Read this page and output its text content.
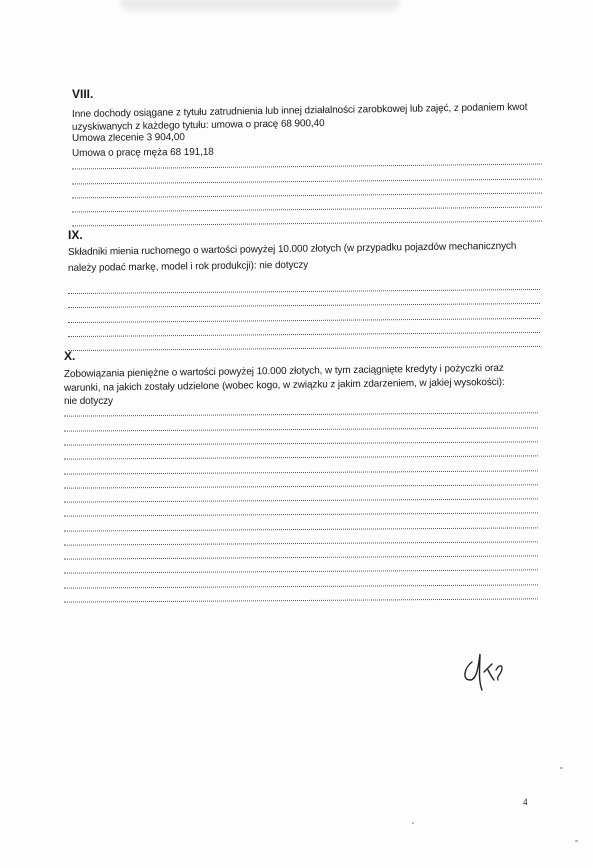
VIII.
Inne dochody osiągane z tytułu zatrudnienia lub innej działalności zarobkowej lub zajęć, z podaniem kwot
uzyskiwanych z każdego tytułu: umowa o pracę 68 900,40
Umowa zlecenie 3 904,00
Umowa o pracę męża 68 191,18
IX.
Składniki mienia ruchomego o wartości powyżej 10.000 złotych (w przypadku pojazdów mechanicznych
należy podać markę, model i rok produkcji): nie dotyczy
X.
Zobowiązania pieniężne o wartości powyżej 10.000 złotych, w tym zaciągnięte kredyty i pożyczki oraz
warunki, na jakich zostały udzielone (wobec kogo, w związku z jakim zdarzeniem, w jakiej wysokości):
nie dotyczy
4
